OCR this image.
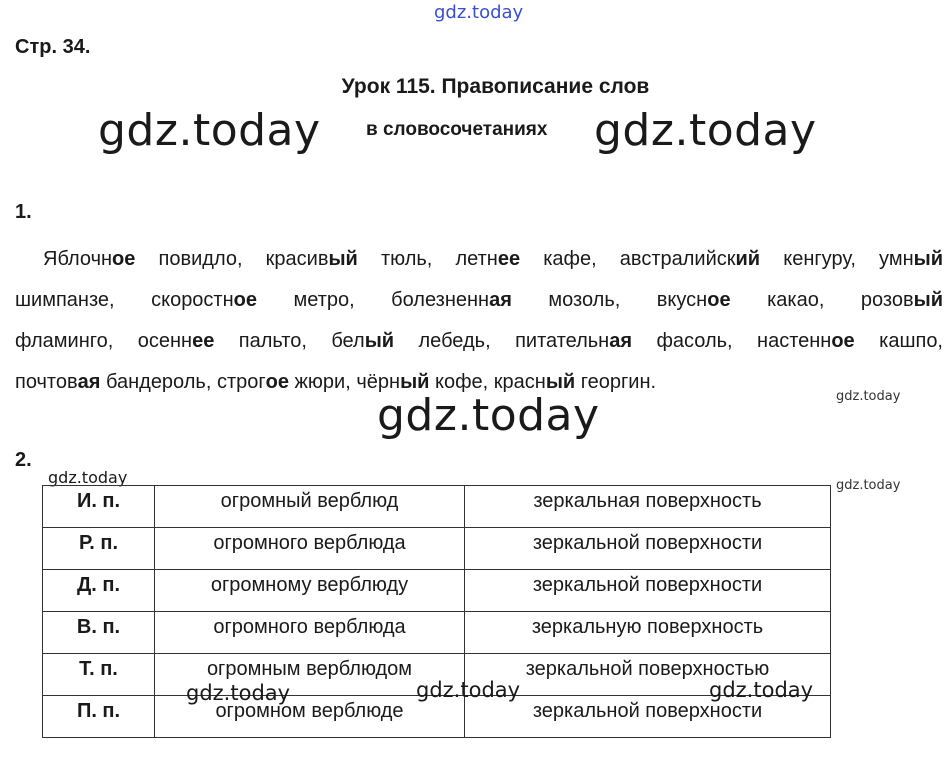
gdz.today
gdz.today	gdz.today
gdz.today	gdz.today
gdz.today
Стр. 34.
Урок 115. Правописание слов
в словосочетаниях
1.
Яблочное повидло, красивый тюль, летнее кафе, австралийский кенгуру, умный
шимпанзе, скоростное метро, болезненная мозоль, вкусное какао, розовый
фламинго, осеннее пальто, белый лебедь, питательная фасоль, настенное кашпо,
почтовая бандероль, строгое жюри, чёрный кофе, красный георгин.
2.
gdz.today
И. п.	огромный верблюд	зеркальная поверхность
Р. п.	огромного верблюда	зеркальной поверхности
Д. п.	огромному верблюду	зеркальной поверхности
В. п.	огромного верблюда	зеркальную поверхность
Т. п.	огромным верблюдом	зеркальной поверхностью
П. п.	огромном верблюде	зеркальной поверхности
gdz.today	gdz.today	gdz.today
